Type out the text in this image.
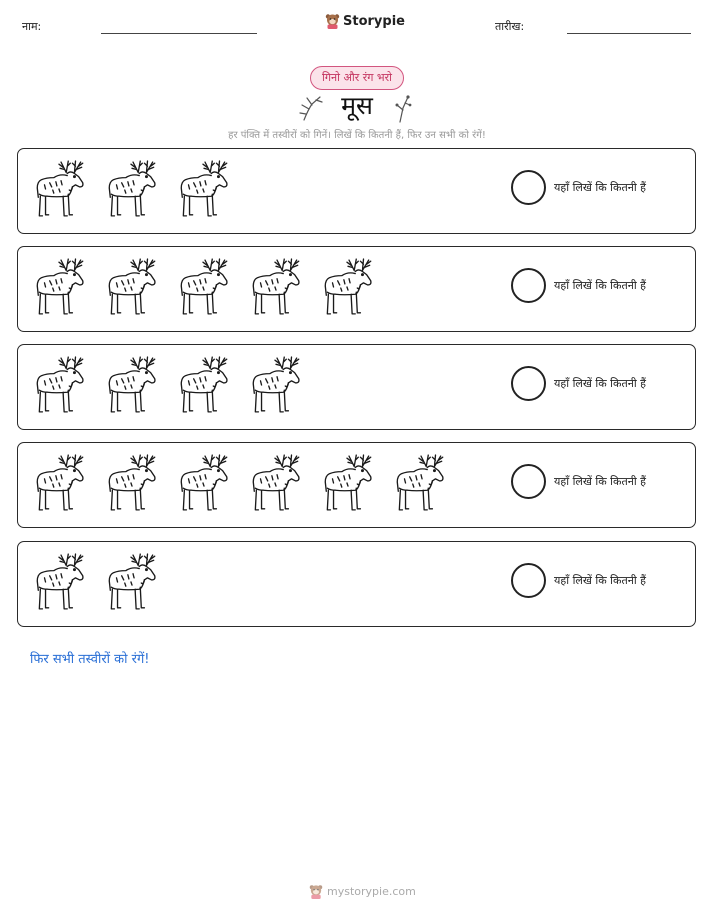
नाम:	Storypie	तारीख:
गिनो और रंग भरो
मूस
हर पंक्ति में तस्वीरों को गिनें। लिखें कि कितनी हैं, फिर उन सभी को रंगें!
यहाँ लिखें कि कितनी हैं
यहाँ लिखें कि कितनी हैं
यहाँ लिखें कि कितनी हैं
यहाँ लिखें कि कितनी हैं
यहाँ लिखें कि कितनी हैं
फिर सभी तस्वीरों को रंगें!
mystorypie.com
